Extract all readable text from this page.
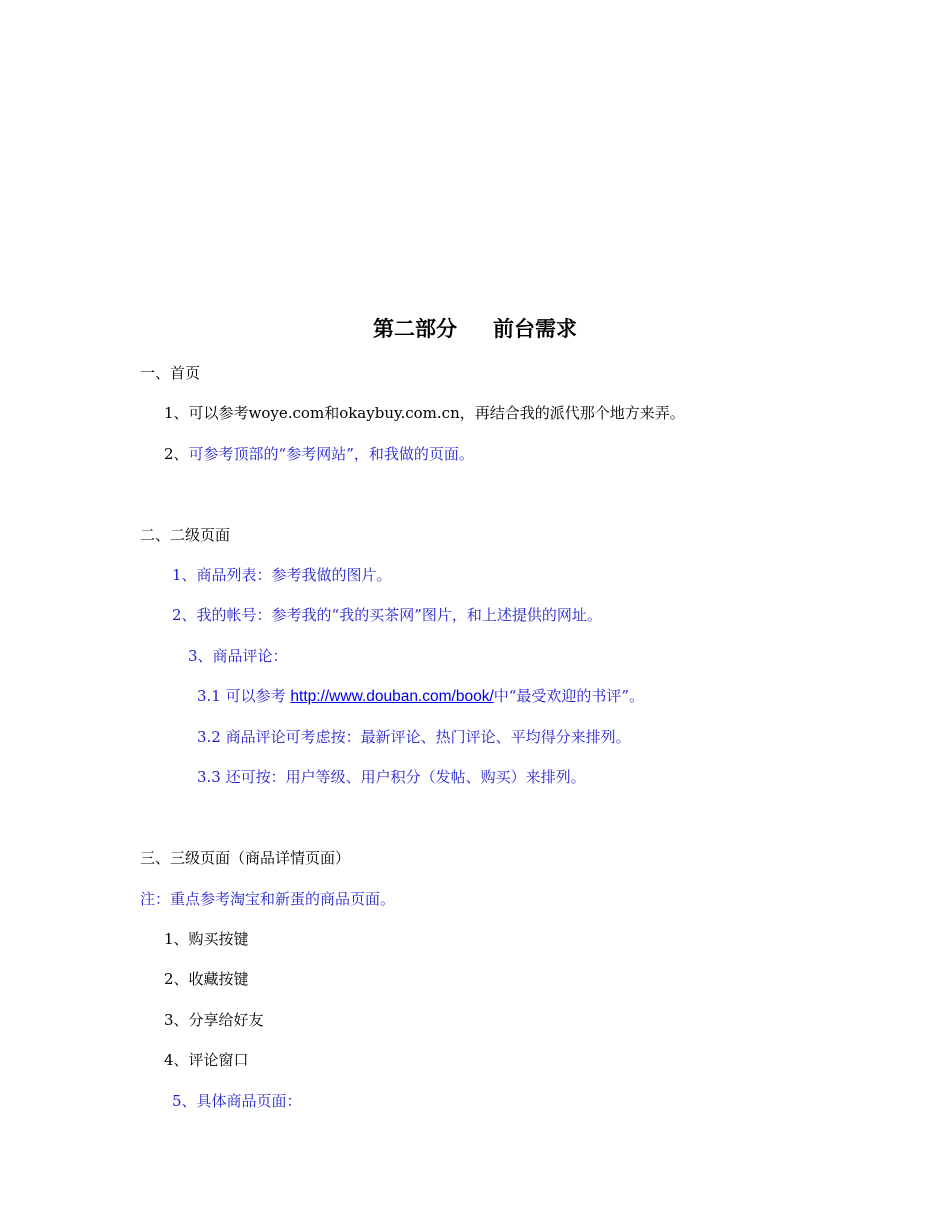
第二部分 前台需求
一、首页
1、可以参考woye.com和okaybuy.com.cn，再结合我的派代那个地方来弄。
2、可参考顶部的“参考网站”，和我做的页面。
二、二级页面
1、商品列表：参考我做的图片。
2、我的帐号：参考我的“我的买茶网”图片，和上述提供的网址。
3、商品评论：
3.1 可以参考 http://www.douban.com/book/中“最受欢迎的书评”。
3.2 商品评论可考虑按：最新评论、热门评论、平均得分来排列。
3.3 还可按：用户等级、用户积分（发帖、购买）来排列。
三、三级页面（商品详情页面）
注：重点参考淘宝和新蛋的商品页面。
1、购买按键
2、收藏按键
3、分享给好友
4、评论窗口
5、具体商品页面：
